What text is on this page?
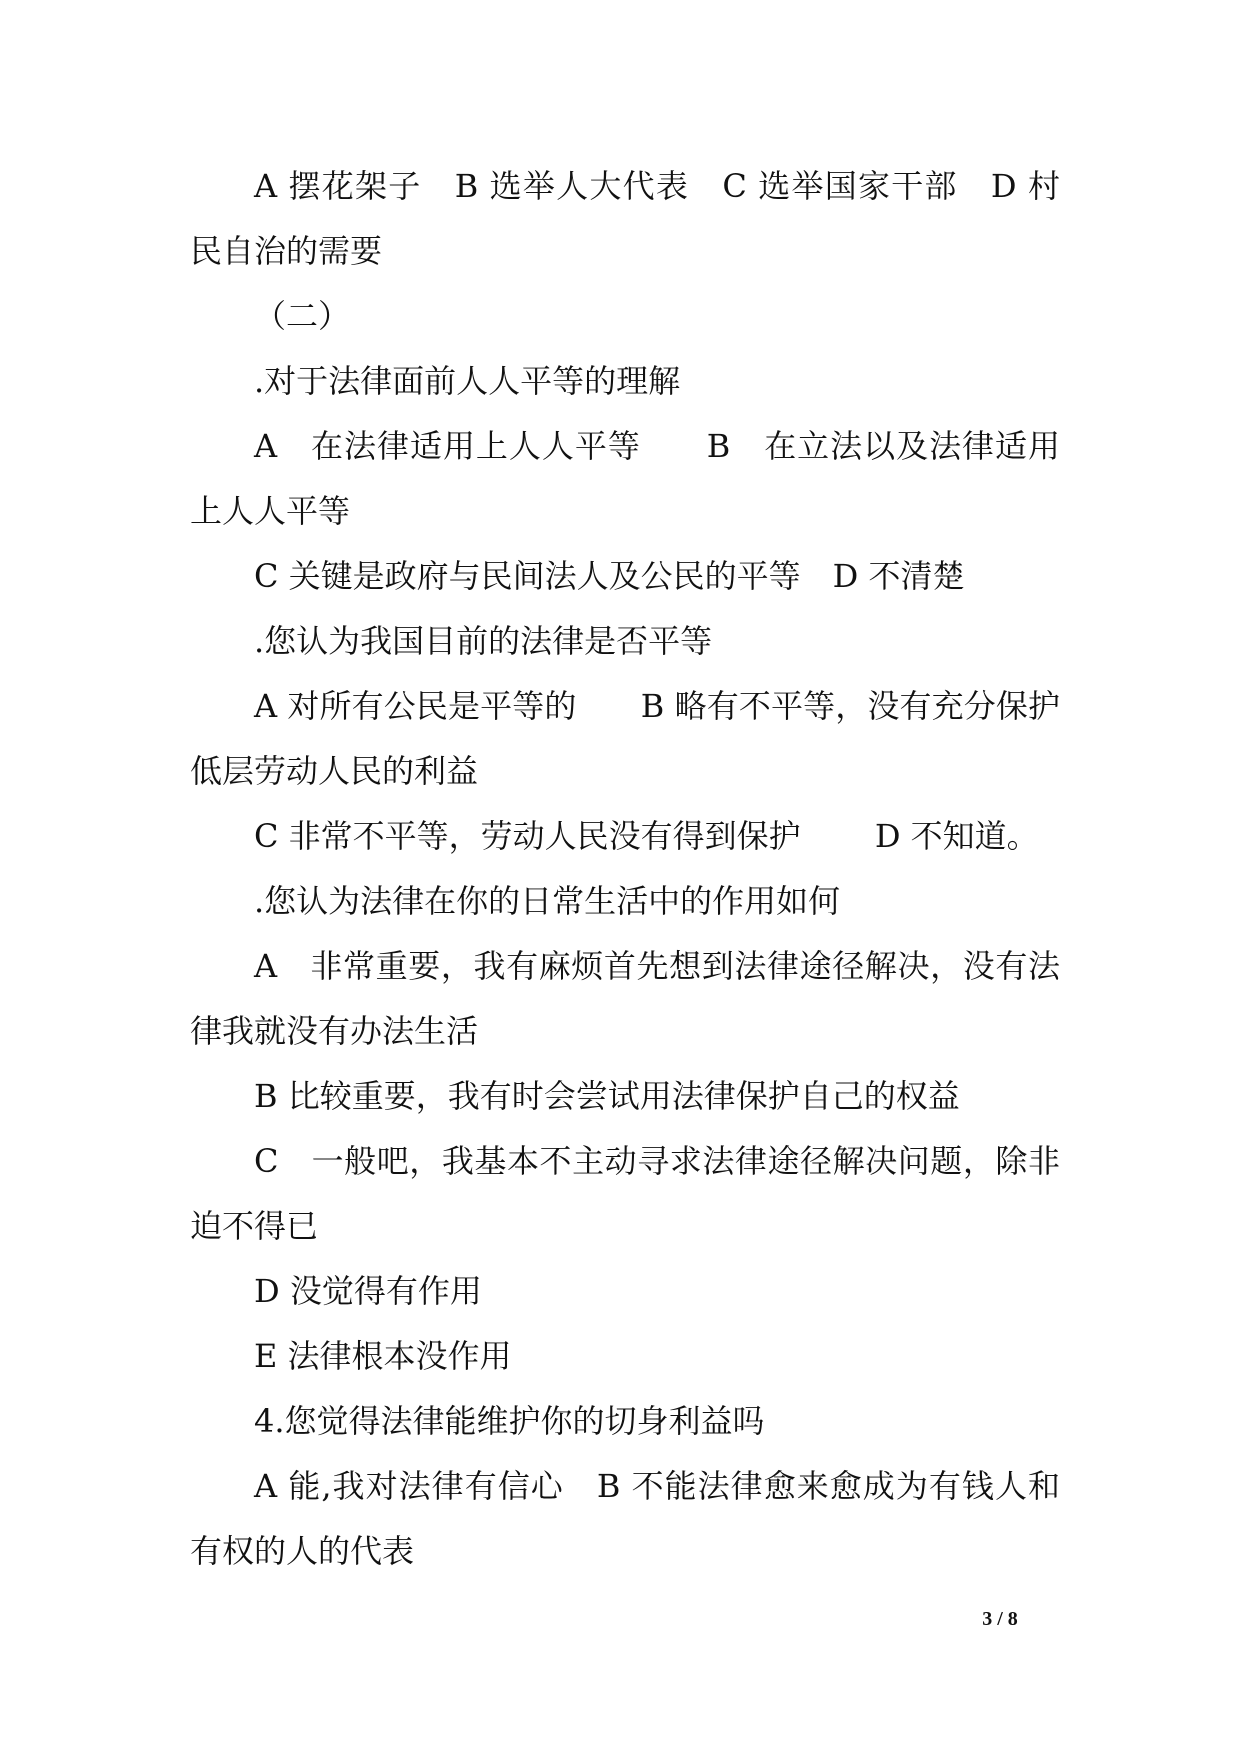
A 摆花架子　B 选举人大代表　C 选举国家干部　D 村民自治的需要

（二）

.对于法律面前人人平等的理解

A　在法律适用上人人平等　　B　在立法以及法律适用上人人平等

C 关键是政府与民间法人及公民的平等　D 不清楚

.您认为我国目前的法律是否平等

A 对所有公民是平等的　　B 略有不平等，没有充分保护低层劳动人民的利益

C 非常不平等，劳动人民没有得到保护　　 D 不知道。

.您认为法律在你的日常生活中的作用如何

A　非常重要，我有麻烦首先想到法律途径解决，没有法律我就没有办法生活

B 比较重要，我有时会尝试用法律保护自己的权益

C　一般吧，我基本不主动寻求法律途径解决问题，除非迫不得已

D 没觉得有作用

E 法律根本没作用

4.您觉得法律能维护你的切身利益吗

A 能,我对法律有信心　B 不能法律愈来愈成为有钱人和有权的人的代表

3 / 8
